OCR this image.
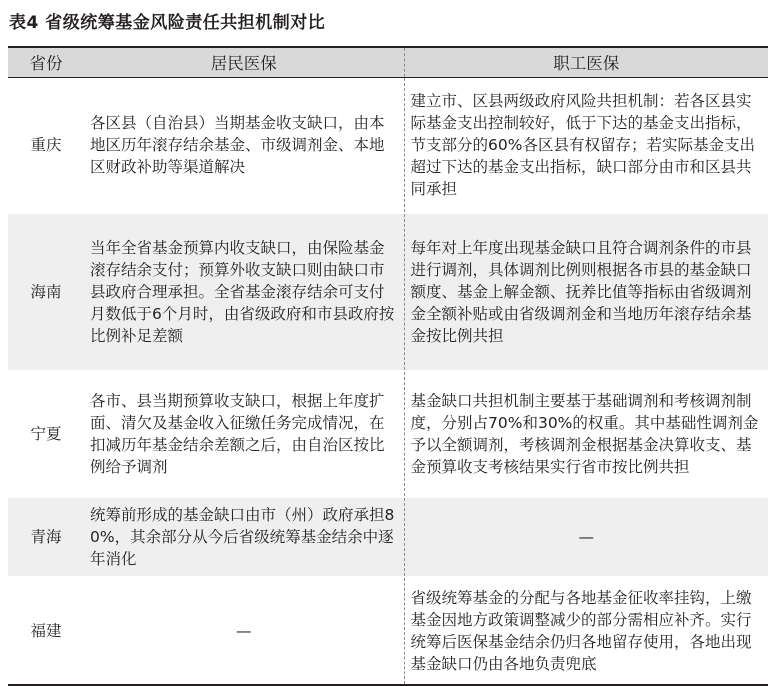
表4 省级统筹基金风险责任共担机制对比
省份	居民医保	职工医保
重庆	各区县（自治县）当期基金收支缺口，由本地区历年滚存结余基金、市级调剂金、本地区财政补助等渠道解决	建立市、区县两级政府风险共担机制：若各区县实际基金支出控制较好，低于下达的基金支出指标，节支部分的60%各区县有权留存；若实际基金支出超过下达的基金支出指标，缺口部分由市和区县共同承担
海南	当年全省基金预算内收支缺口，由保险基金滚存结余支付；预算外收支缺口则由缺口市县政府合理承担。全省基金滚存结余可支付月数低于6个月时，由省级政府和市县政府按比例补足差额	每年对上年度出现基金缺口且符合调剂条件的市县进行调剂，具体调剂比例则根据各市县的基金缺口额度、基金上解金额、抚养比值等指标由省级调剂金全额补贴或由省级调剂金和当地历年滚存结余基金按比例共担
宁夏	各市、县当期预算收支缺口，根据上年度扩面、清欠及基金收入征缴任务完成情况，在扣减历年基金结余差额之后，由自治区按比例给予调剂	基金缺口共担机制主要基于基础调剂和考核调剂制度，分别占70%和30%的权重。其中基础性调剂金予以全额调剂，考核调剂金根据基金决算收支、基金预算收支考核结果实行省市按比例共担
青海	统筹前形成的基金缺口由市（州）政府承担80%，其余部分从今后省级统筹基金结余中逐年消化	—
福建	—	省级统筹基金的分配与各地基金征收率挂钩，上缴基金因地方政策调整减少的部分需相应补齐。实行统筹后医保基金结余仍归各地留存使用，各地出现基金缺口仍由各地负责兜底
